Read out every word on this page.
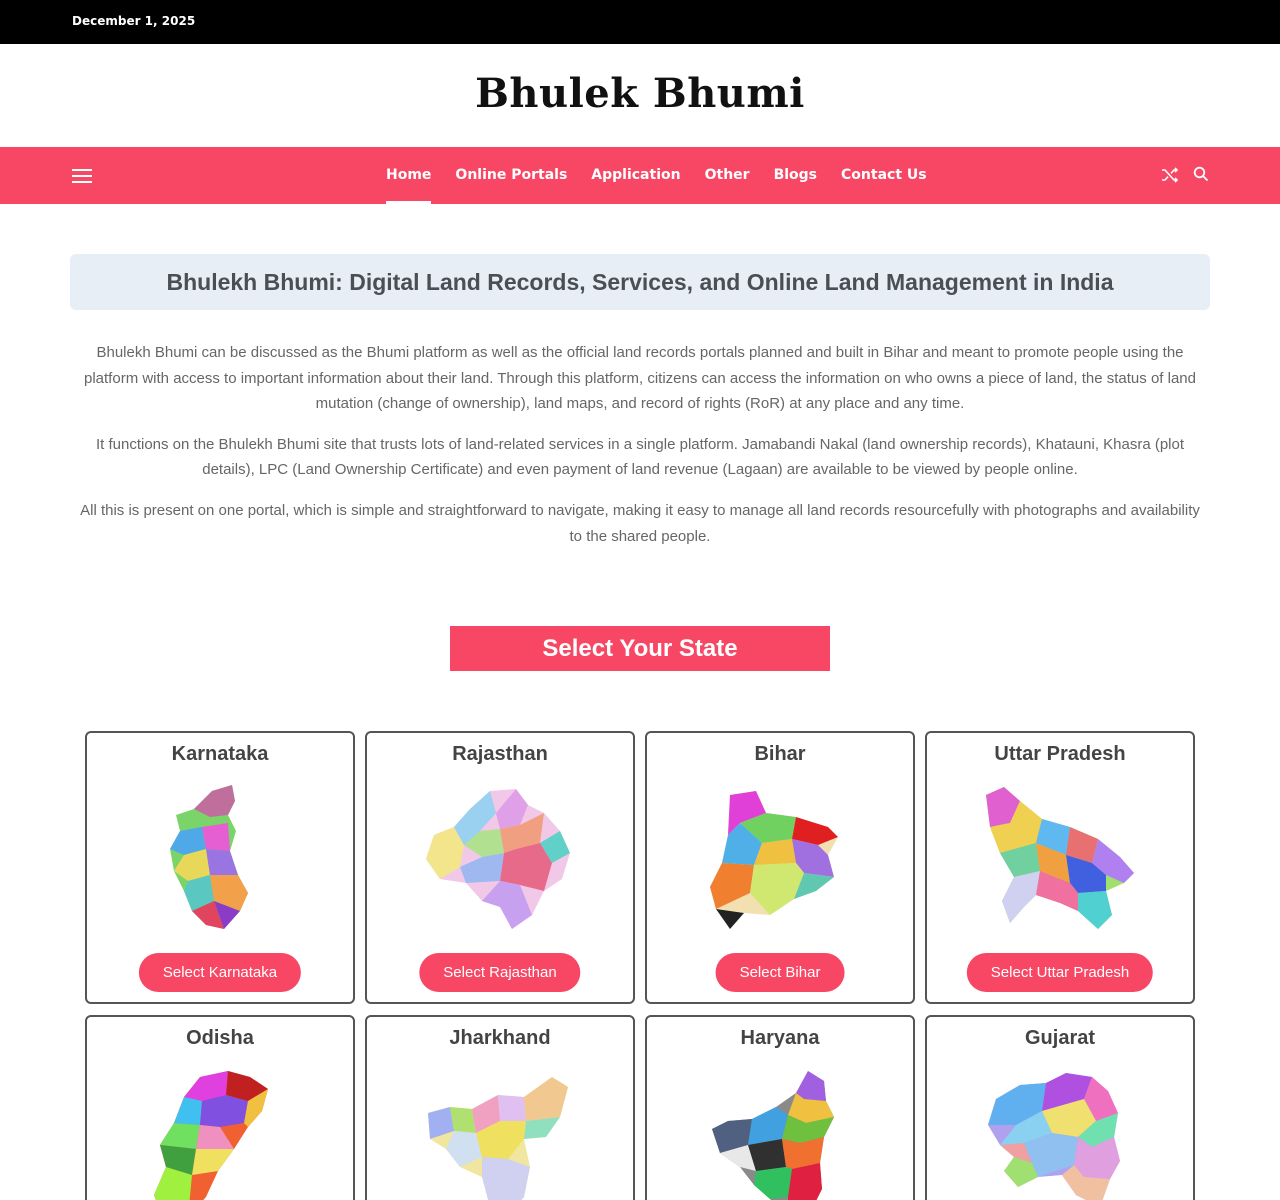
December 1, 2025
Bhulek Bhumi
Home	Online Portals	Application	Other	Blogs	Contact Us
Bhulekh Bhumi: Digital Land Records, Services, and Online Land Management in India

Bhulekh Bhumi can be discussed as the Bhumi platform as well as the official land records portals planned and built in Bihar and meant to promote people using the platform with access to important information about their land. Through this platform, citizens can access the information on who owns a piece of land, the status of land mutation (change of ownership), land maps, and record of rights (RoR) at any place and any time.

It functions on the Bhulekh Bhumi site that trusts lots of land-related services in a single platform. Jamabandi Nakal (land ownership records), Khatauni, Khasra (plot details), LPC (Land Ownership Certificate) and even payment of land revenue (Lagaan) are available to be viewed by people online.

All this is present on one portal, which is simple and straightforward to navigate, making it easy to manage all land records resourcefully with photographs and availability to the shared people.

Select Your State
Karnataka
Select Karnataka
Rajasthan
Select Rajasthan
Bihar
Select Bihar
Uttar Pradesh
Select Uttar Pradesh
Odisha	Jharkhand	Haryana	Gujarat
